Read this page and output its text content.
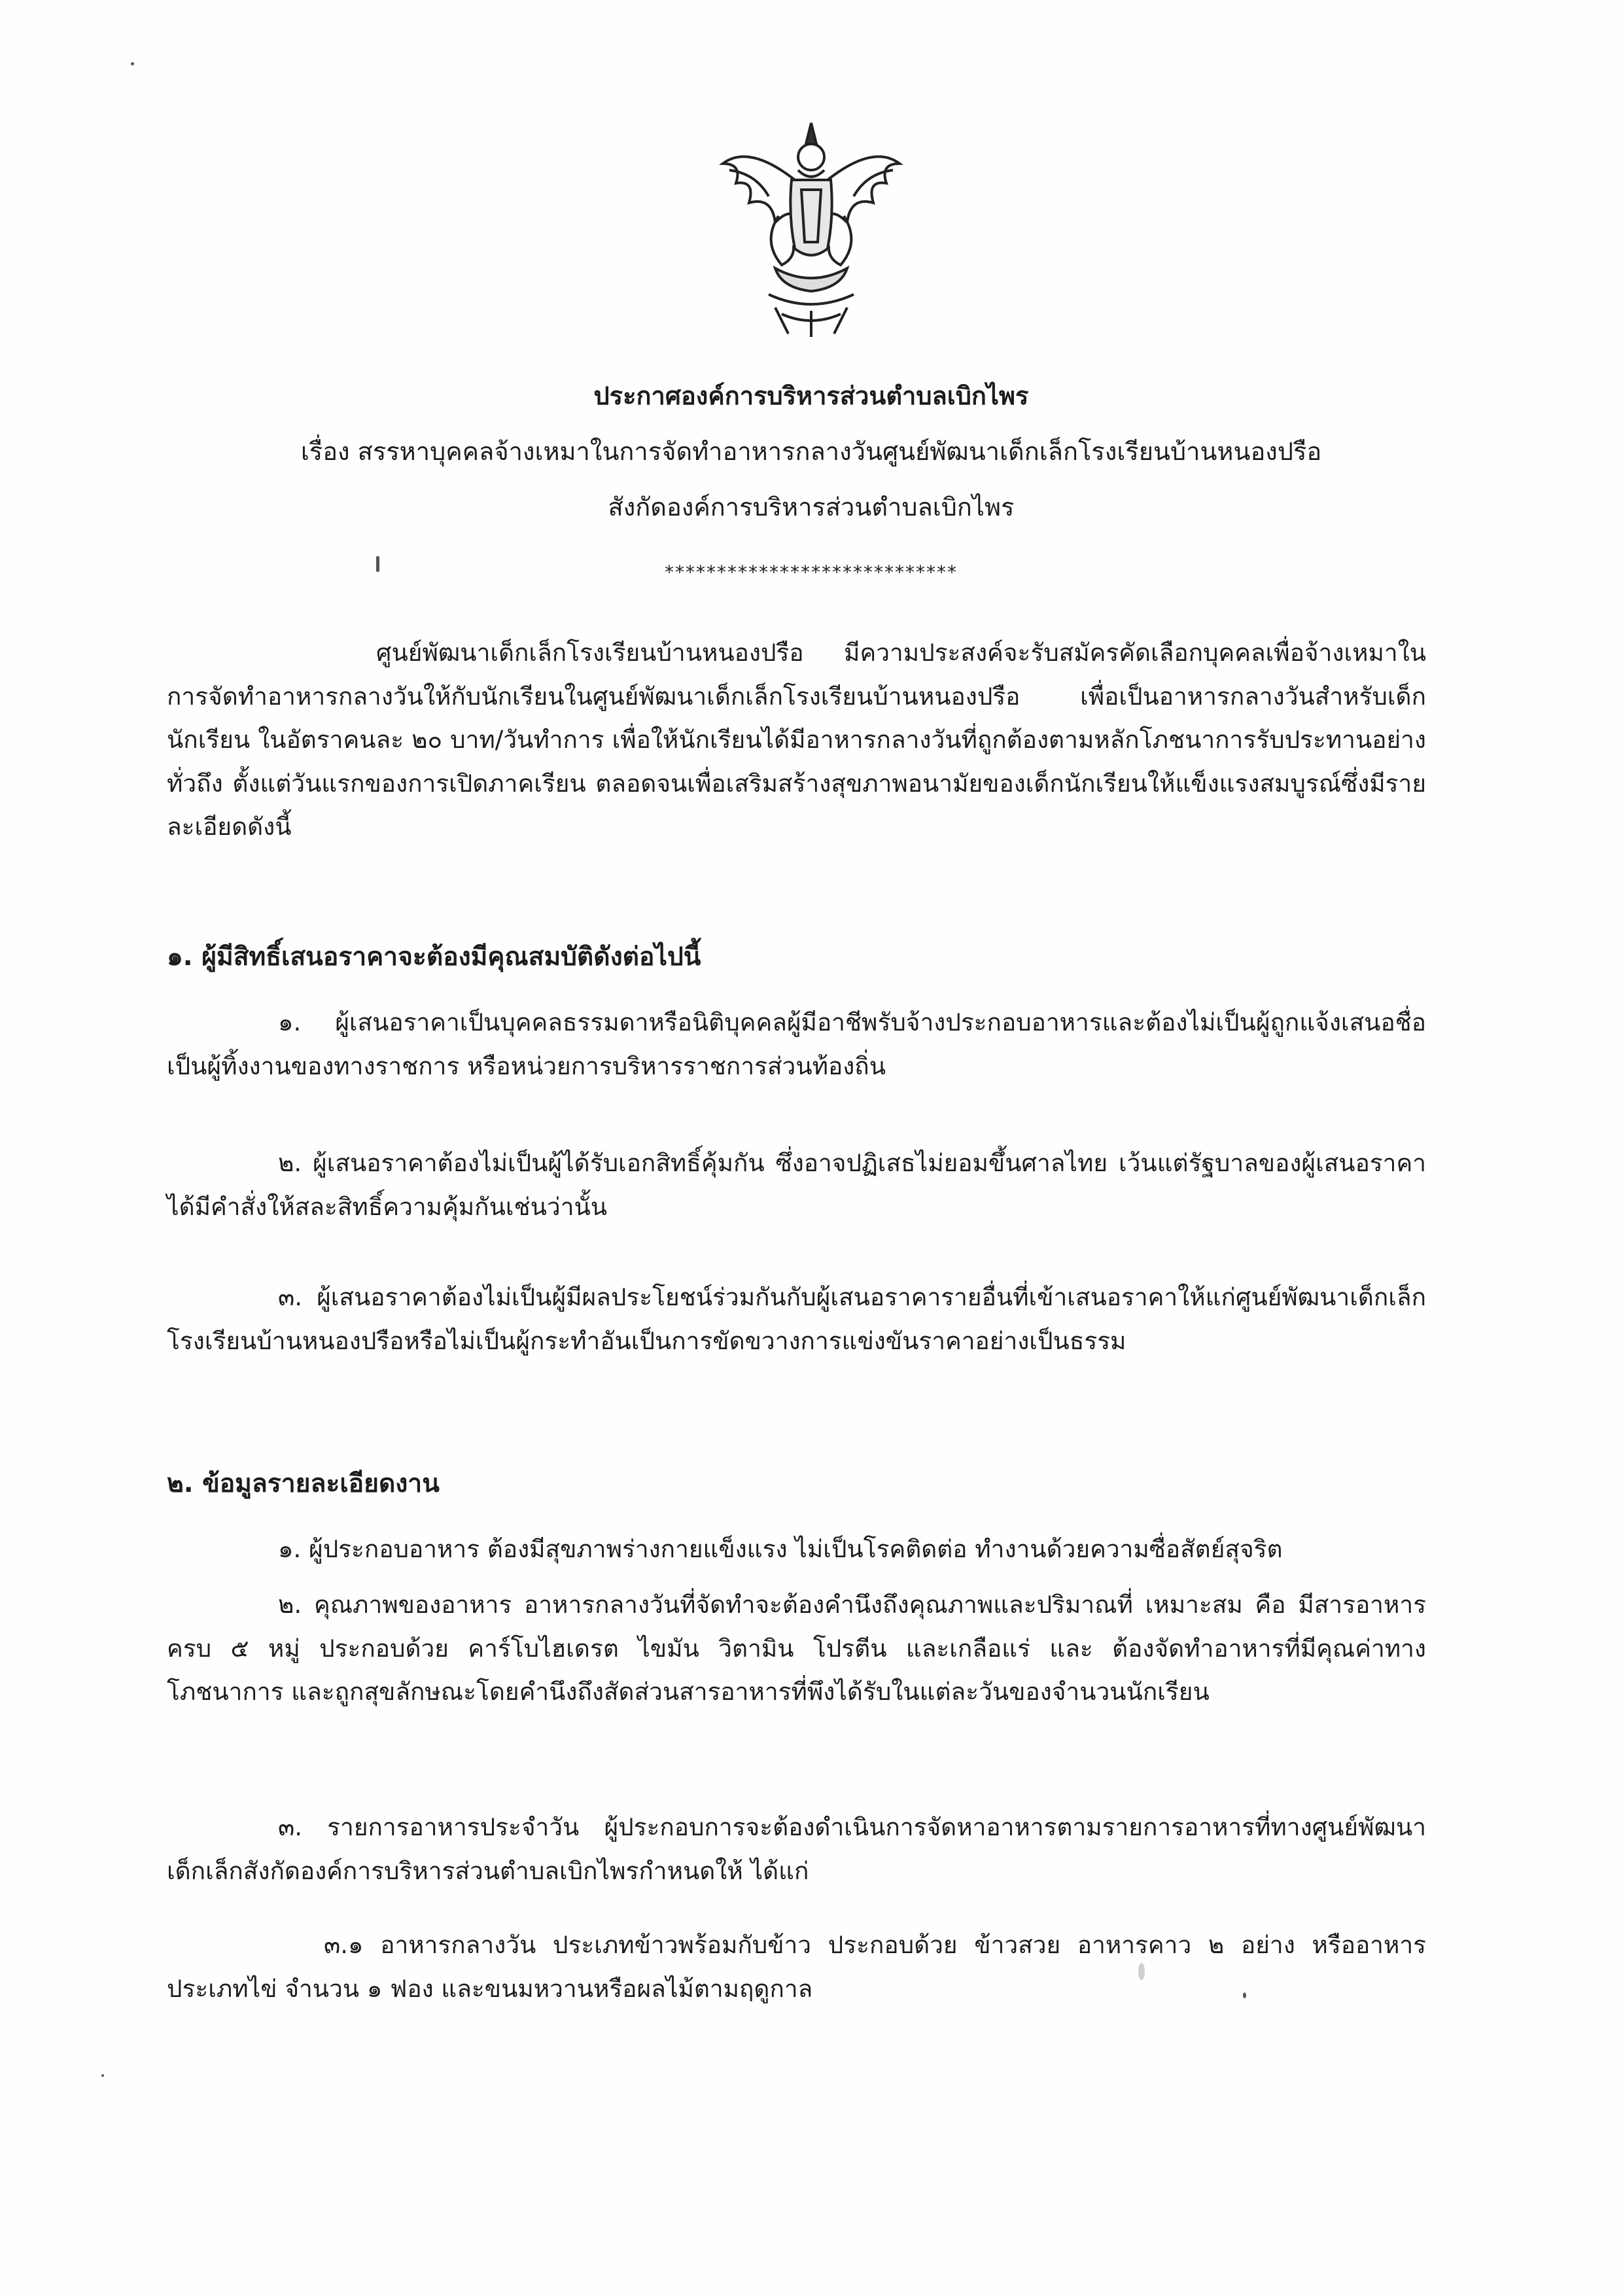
ประกาศองค์การบริหารส่วนตำบลเบิกไพร
เรื่อง สรรหาบุคคลจ้างเหมาในการจัดทำอาหารกลางวันศูนย์พัฒนาเด็กเล็กโรงเรียนบ้านหนองปรือ
สังกัดองค์การบริหารส่วนตำบลเบิกไพร
****************************
ศูนย์พัฒนาเด็กเล็กโรงเรียนบ้านหนองปรือ มีความประสงค์จะรับสมัครคัดเลือกบุคคลเพื่อจ้างเหมาในการจัดทำอาหารกลางวันให้กับนักเรียนในศูนย์พัฒนาเด็กเล็กโรงเรียนบ้านหนองปรือ เพื่อเป็นอาหารกลางวันสำหรับเด็กนักเรียน ในอัตราคนละ ๒๐ บาท/วันทำการ เพื่อให้นักเรียนได้มีอาหารกลางวันที่ถูกต้องตามหลักโภชนาการรับประทานอย่างทั่วถึง ตั้งแต่วันแรกของการเปิดภาคเรียน ตลอดจนเพื่อเสริมสร้างสุขภาพอนามัยของเด็กนักเรียนให้แข็งแรงสมบูรณ์ซึ่งมีรายละเอียดดังนี้
๑. ผู้มีสิทธิ์เสนอราคาจะต้องมีคุณสมบัติดังต่อไปนี้
๑. ผู้เสนอราคาเป็นบุคคลธรรมดาหรือนิติบุคคลผู้มีอาชีพรับจ้างประกอบอาหารและต้องไม่เป็นผู้ถูกแจ้งเสนอชื่อเป็นผู้ทิ้งงานของทางราชการ หรือหน่วยการบริหารราชการส่วนท้องถิ่น
๒. ผู้เสนอราคาต้องไม่เป็นผู้ได้รับเอกสิทธิ์คุ้มกัน ซึ่งอาจปฏิเสธไม่ยอมขึ้นศาลไทย เว้นแต่รัฐบาลของผู้เสนอราคาได้มีคำสั่งให้สละสิทธิ์ความคุ้มกันเช่นว่านั้น
๓. ผู้เสนอราคาต้องไม่เป็นผู้มีผลประโยชน์ร่วมกันกับผู้เสนอราคารายอื่นที่เข้าเสนอราคาให้แก่ศูนย์พัฒนาเด็กเล็กโรงเรียนบ้านหนองปรือหรือไม่เป็นผู้กระทำอันเป็นการขัดขวางการแข่งขันราคาอย่างเป็นธรรม
๒. ข้อมูลรายละเอียดงาน
๑. ผู้ประกอบอาหาร ต้องมีสุขภาพร่างกายแข็งแรง ไม่เป็นโรคติดต่อ ทำงานด้วยความซื่อสัตย์สุจริต
๒. คุณภาพของอาหาร อาหารกลางวันที่จัดทำจะต้องคำนึงถึงคุณภาพและปริมาณที่ เหมาะสม คือ มีสารอาหารครบ ๕ หมู่ ประกอบด้วย คาร์โบไฮเดรต ไขมัน วิตามิน โปรตีน และเกลือแร่ และ ต้องจัดทำอาหารที่มีคุณค่าทางโภชนาการ และถูกสุขลักษณะโดยคำนึงถึงสัดส่วนสารอาหารที่พึงได้รับในแต่ละวันของจำนวนนักเรียน
๓. รายการอาหารประจำวัน ผู้ประกอบการจะต้องดำเนินการจัดหาอาหารตามรายการอาหารที่ทางศูนย์พัฒนาเด็กเล็กสังกัดองค์การบริหารส่วนตำบลเบิกไพรกำหนดให้ ได้แก่
๓.๑ อาหารกลางวัน ประเภทข้าวพร้อมกับข้าว ประกอบด้วย ข้าวสวย อาหารคาว ๒ อย่าง หรืออาหารประเภทไข่ จำนวน ๑ ฟอง และขนมหวานหรือผลไม้ตามฤดูกาล
